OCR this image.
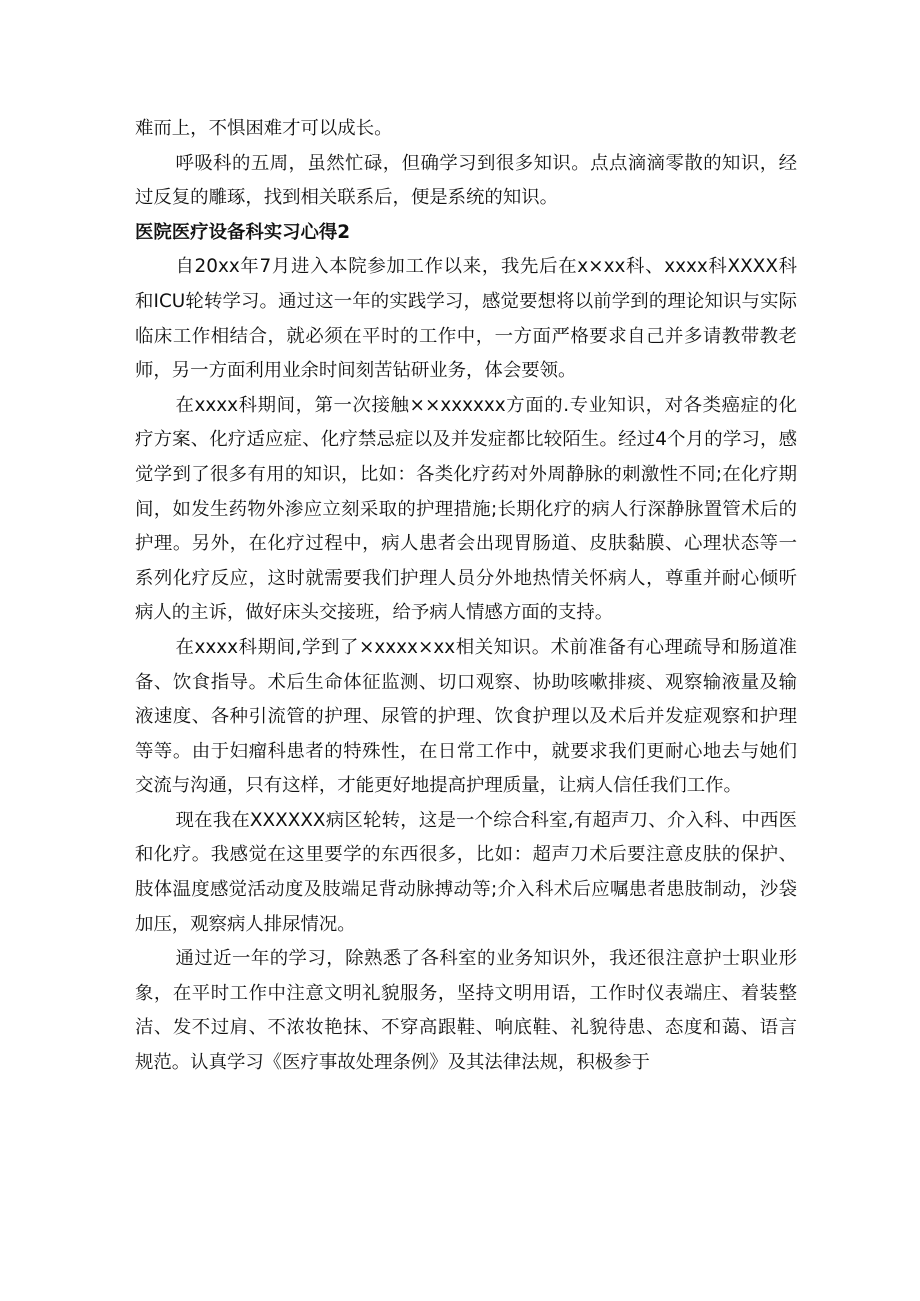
难而上，不惧困难才可以成长。

呼吸科的五周，虽然忙碌，但确学习到很多知识。点点滴滴零散的知识，经过反复的雕琢，找到相关联系后，便是系统的知识。

医院医疗设备科实习心得2

自20xx年7月进入本院参加工作以来，我先后在x×xx科、xxxx科XXXX科和ICU轮转学习。通过这一年的实践学习，感觉要想将以前学到的理论知识与实际临床工作相结合，就必须在平时的工作中，一方面严格要求自己并多请教带教老师，另一方面利用业余时间刻苦钻研业务，体会要领。

在xxxx科期间，第一次接触××xxxxxx方面的.专业知识，对各类癌症的化疗方案、化疗适应症、化疗禁忌症以及并发症都比较陌生。经过4个月的学习，感觉学到了很多有用的知识，比如：各类化疗药对外周静脉的刺激性不同;在化疗期间，如发生药物外渗应立刻采取的护理措施;长期化疗的病人行深静脉置管术后的护理。另外，在化疗过程中，病人患者会出现胃肠道、皮肤黏膜、心理状态等一系列化疗反应，这时就需要我们护理人员分外地热情关怀病人，尊重并耐心倾听病人的主诉，做好床头交接班，给予病人情感方面的支持。

在xxxx科期间,学到了×xxxx×xx相关知识。术前准备有心理疏导和肠道准备、饮食指导。术后生命体征监测、切口观察、协助咳嗽排痰、观察输液量及输液速度、各种引流管的护理、尿管的护理、饮食护理以及术后并发症观察和护理等等。由于妇瘤科患者的特殊性，在日常工作中，就要求我们更耐心地去与她们交流与沟通，只有这样，才能更好地提高护理质量，让病人信任我们工作。

现在我在XXXXXX病区轮转，这是一个综合科室,有超声刀、介入科、中西医和化疗。我感觉在这里要学的东西很多，比如：超声刀术后要注意皮肤的保护、肢体温度感觉活动度及肢端足背动脉搏动等;介入科术后应嘱患者患肢制动，沙袋加压，观察病人排尿情况。

通过近一年的学习，除熟悉了各科室的业务知识外，我还很注意护士职业形象，在平时工作中注意文明礼貌服务，坚持文明用语，工作时仪表端庄、着装整洁、发不过肩、不浓妆艳抹、不穿高跟鞋、响底鞋、礼貌待患、态度和蔼、语言规范。认真学习《医疗事故处理条例》及其法律法规，积极参于
